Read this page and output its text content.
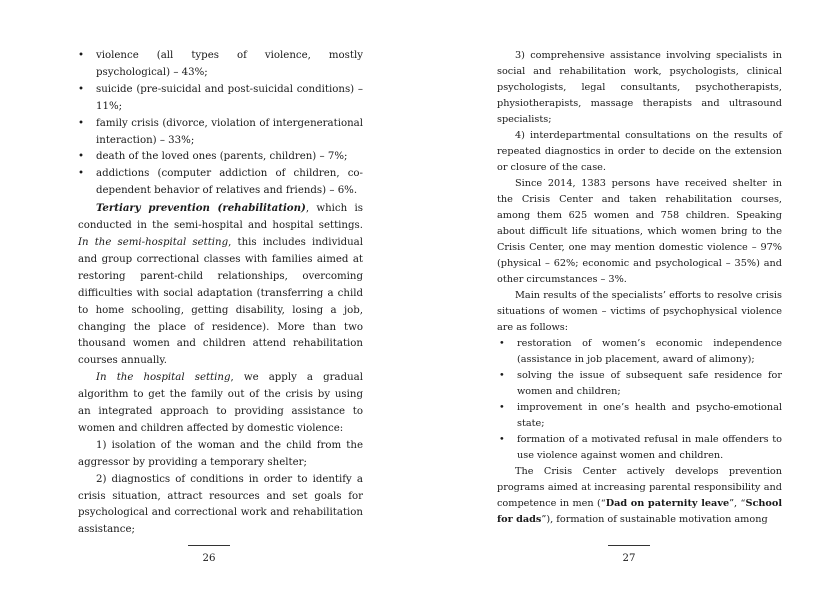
• violence (all types of violence, mostly psychological) – 43%;
• suicide (pre-suicidal and post-suicidal conditions) – 11%;
• family crisis (divorce, violation of intergenerational interaction) – 33%;
• death of the loved ones (parents, children) – 7%;
• addictions (computer addiction of children, co-dependent behavior of relatives and friends) – 6%.

Tertiary prevention (rehabilitation), which is conducted in the semi-hospital and hospital settings. In the semi-hospital setting, this includes individual and group correctional classes with families aimed at restoring parent-child relationships, overcoming difficulties with social adaptation (transferring a child to home schooling, getting disability, losing a job, changing the place of residence). More than two thousand women and children attend rehabilitation courses annually.

In the hospital setting, we apply a gradual algorithm to get the family out of the crisis by using an integrated approach to providing assistance to women and children affected by domestic violence:

1) isolation of the woman and the child from the aggressor by providing a temporary shelter;

2) diagnostics of conditions in order to identify a crisis situation, attract resources and set goals for psychological and correctional work and rehabilitation assistance;

26

3) comprehensive assistance involving specialists in social and rehabilitation work, psychologists, clinical psychologists, legal consultants, psychotherapists, physiotherapists, massage therapists and ultrasound specialists;

4) interdepartmental consultations on the results of repeated diagnostics in order to decide on the extension or closure of the case.

Since 2014, 1383 persons have received shelter in the Crisis Center and taken rehabilitation courses, among them 625 women and 758 children. Speaking about difficult life situations, which women bring to the Crisis Center, one may mention domestic violence – 97% (physical – 62%; economic and psychological – 35%) and other circumstances – 3%.

Main results of the specialists’ efforts to resolve crisis situations of women – victims of psychophysical violence are as follows:

• restoration of women’s economic independence (assistance in job placement, award of alimony);
• solving the issue of subsequent safe residence for women and children;
• improvement in one’s health and psycho-emotional state;
• formation of a motivated refusal in male offenders to use violence against women and children.

The Crisis Center actively develops prevention programs aimed at increasing parental responsibility and competence in men (“Dad on paternity leave”, “School for dads”), formation of sustainable motivation among

27
